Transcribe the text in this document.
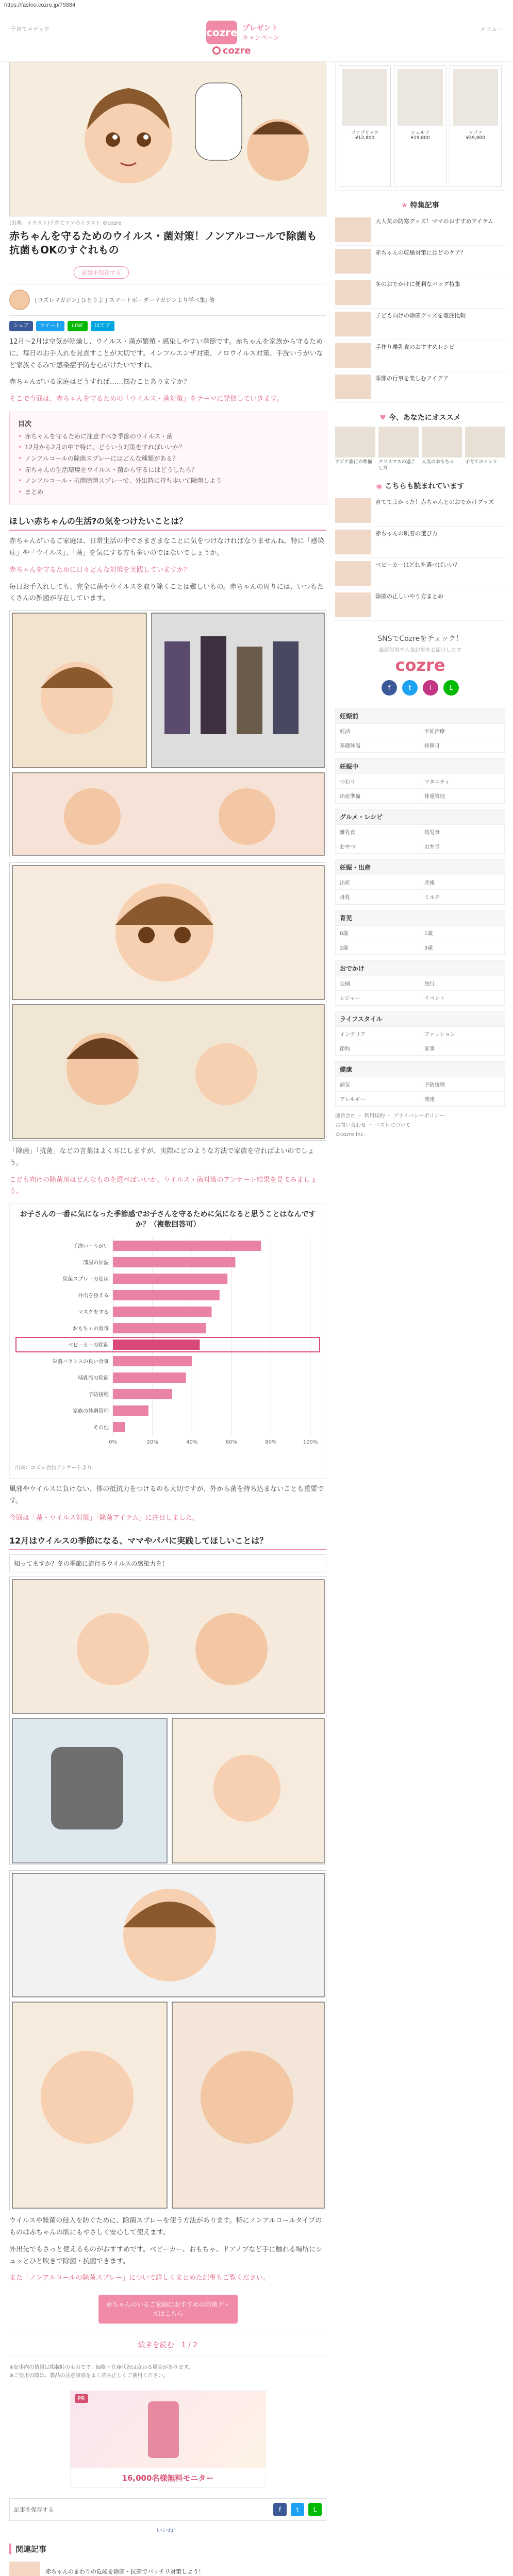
https://fasfoo.cozre.jp/79884
子育てメディア	cozre プレゼント
キャンペーン
cozre
メニュー
(出典：イラスト)子育てママのイラスト ©cozre
赤ちゃんを守るためのウイルス・菌対策！ノンアルコールで除菌も抗菌もOKのすぐれもの
記事を保存する
[コズレマガジン] ひとりよ | スマートボーダーマガジンより学べ集| 他
シェア	ツイート	LINE	はてブ

12月～2月は空気が乾燥し、ウイルス・菌が繁殖・感染しやすい季節です。赤ちゃんを家族から守るために、毎日のお手入れを見直すことが大切です。インフルエンザ対策、ノロウイルス対策、手洗いうがいなど家族ぐるみで感染症予防を心がけたいですね。

赤ちゃんがいる家庭はどうすれば……悩むことありますか？

そこで今回は、赤ちゃんを守るための「ウイルス・菌対策」をテーマに発信していきます。

目次
• 赤ちゃんを守るために注意すべき季節のウイルス・菌
• 12月から2月の中で特に、どういう対策をすればいいか？
• ノンアルコールの除菌スプレーにはどんな種類がある？
• 赤ちゃんの生活環境をウイルス・菌から守るにはどうしたら？
• ノンアルコール・抗菌除菌スプレーで、外出時に持ち歩いて除菌しよう
• まとめ
ほしい赤ちゃんの生活?の気をつけたいことは？

赤ちゃんがいるご家庭は、日常生活の中でさまざまなことに気をつけなければなりませんね。特に「感染症」や「ウイルス」、「菌」を気にする方も多いのではないでしょうか。

赤ちゃんを守るために日々どんな対策を実践していますか？

毎日お手入れしても、完全に菌やウイルスを取り除くことは難しいもの。赤ちゃんの周りには、いつもたくさんの雑菌が存在しています。

「除菌」「抗菌」などの言葉はよく耳にしますが、実際にどのような方法で家族を守ればよいのでしょう。

こども向けの除菌剤はどんなものを選べばいいか。ウイルス・菌対策のアンケート結果を見てみましょう。

お子さんの一番に気になった季節感でお子さんを守るために気になると思うことはなんですか？（複数回答可）
0%	20%	40%	60%	80%	100%
手洗い・うがい
部屋の加湿
除菌スプレーの使用
外出を控える
マスクをする
おもちゃの消毒
ベビーカーの除菌
栄養バランスの良い食事
哺乳瓶の除菌
予防接種
家族の体調管理
その他
出典：コズレ会員アンケートより

風邪やウイルスに負けない、体の抵抗力をつけるのも大切ですが、外から菌を持ち込まないことも重要です。

今回は「菌・ウイルス対策」「除菌アイテム」に注目しました。

12月はウイルスの季節になる、ママやパパに実践してほしいことは？
知ってますか？冬の季節に流行るウイルスの感染力を！

ウイルスや雑菌の侵入を防ぐために、除菌スプレーを使う方法があります。特にノンアルコールタイプのものは赤ちゃんの肌にもやさしく安心して使えます。

外出先でもさっと使えるものがおすすめです。ベビーカー、おもちゃ、ドアノブなど手に触れる場所にシュッとひと吹きで除菌・抗菌できます。

また「ノンアルコールの除菌スプレー」について詳しくまとめた記事もご覧ください。

赤ちゃんのいるご家庭におすすめの除菌グッズはこちら
続きを読む　1 / 2
※記事内の情報は掲載時のものです。価格・在庫状況は変わる場合があります。
※ご使用の際は、製品の注意事項をよく読み正しくご使用ください。
PR
16,000名様無料モニター
記事を保存する	f	t	L
いいね！
関連記事
赤ちゃんのまわりの危険を除菌・抗菌でバッチリ対策しよう！
ファブリック
¥12,800
シェルフ
¥19,800
ソファ
¥39,800
★ 特集記事
大人気の防寒グッズ！ママのおすすめアイテム
赤ちゃんの乾燥対策にはどのケア？
冬のおでかけに便利なバッグ特集
子ども向けの除菌グッズを徹底比較
手作り離乳食のおすすめレシピ
季節の行事を楽しむアイデア
♥ 今、あなたにオススメ
アジア旅行の準備	クリスマスの過ごし方
人気のおもちゃ	子育てのヒント
◉ こちらも読まれています
育ててよかった！赤ちゃんとのおでかけグッズ
赤ちゃんの肌着の選び方
ベビーカーはどれを選べばいい？
除菌の正しいやり方まとめ
SNSでCozreをチェック！
最新記事や人気記事をお届けします
cozre
f	t	i	L
妊娠前
妊活	不妊治療
基礎体温	排卵日
妊娠中
つわり	マタニティ
出産準備	体重管理
グルメ・レシピ
離乳食	幼児食
おやつ	お弁当
妊娠・出産
出産	産後
母乳	ミルク
育児
0歳	1歳
2歳	3歳
おでかけ
公園	旅行
レジャー	イベント
ライフスタイル
インテリア	ファッション
節約	家事
健康
病気	予防接種
アレルギー	発達
運営会社 ・ 利用規約 ・ プライバシーポリシー
お問い合わせ ・ コズレについて
©cozre Inc.
